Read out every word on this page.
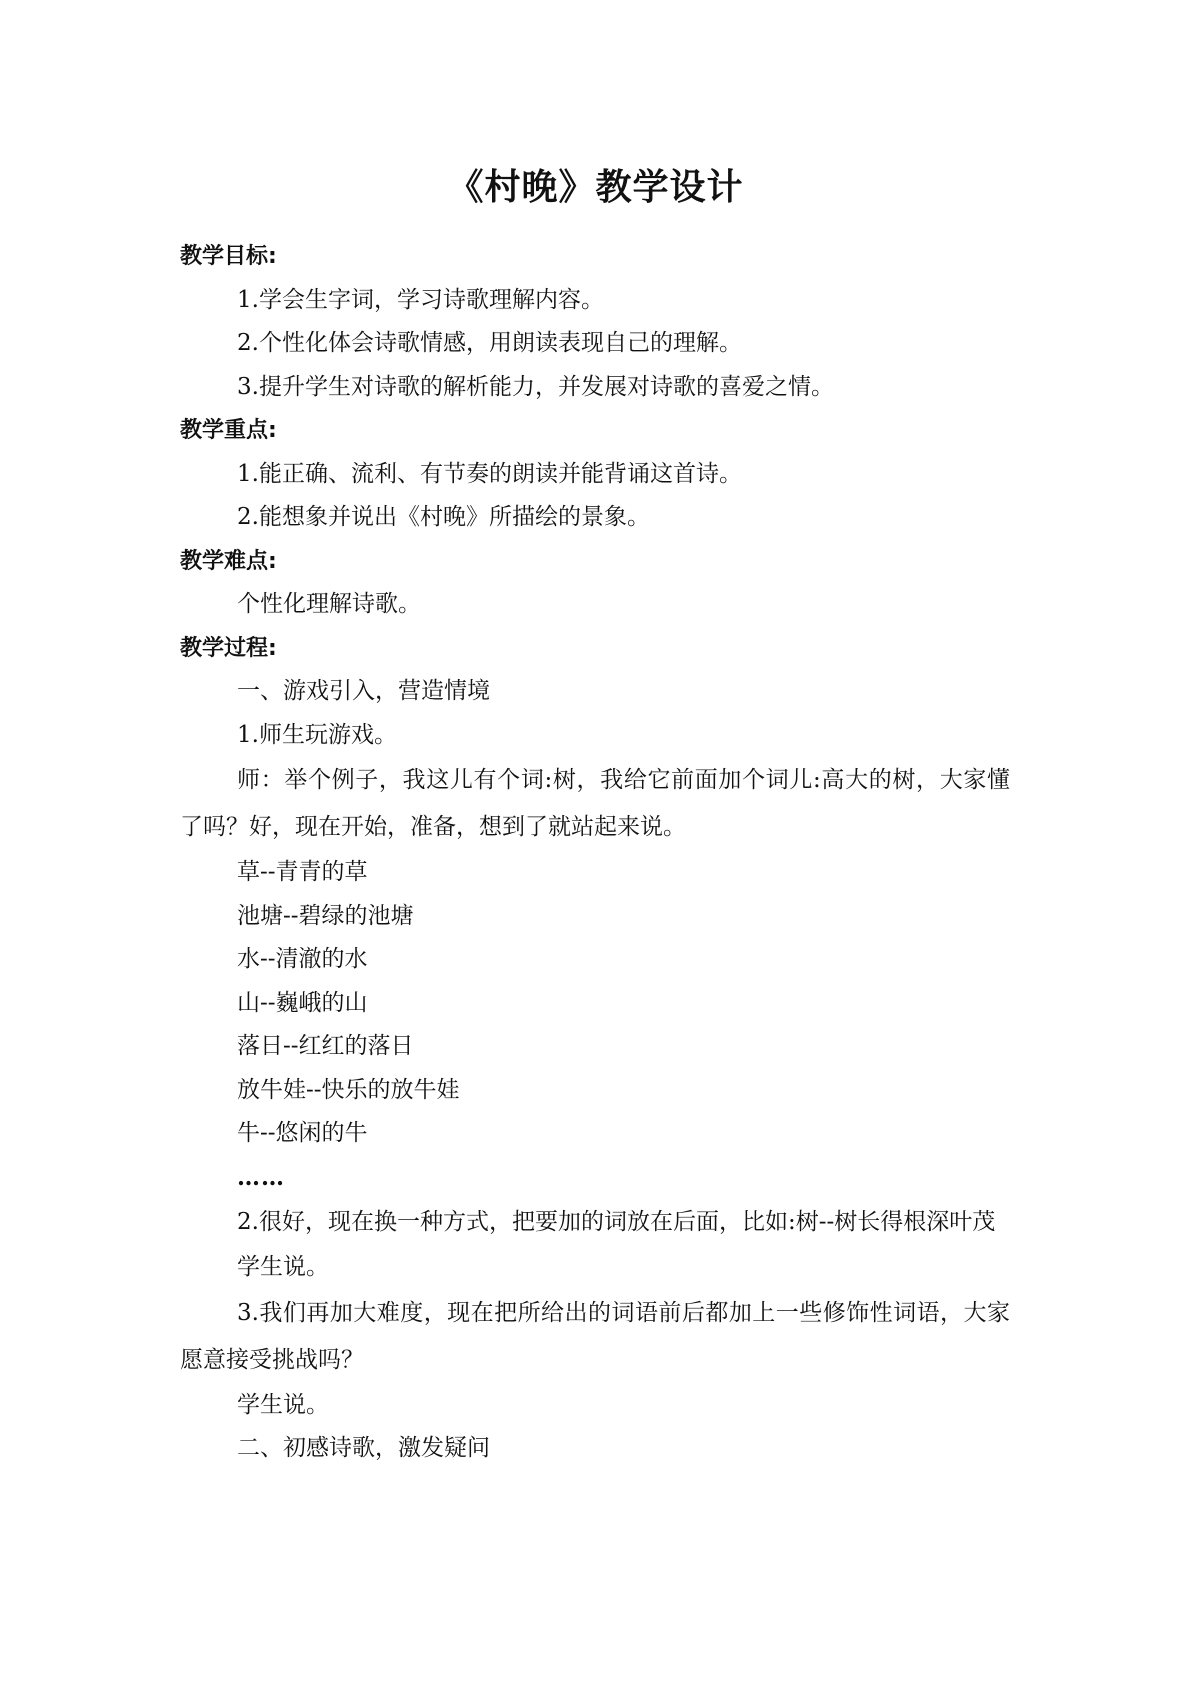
《村晚》教学设计

教学目标:

1.学会生字词，学习诗歌理解内容。

2.个性化体会诗歌情感，用朗读表现自己的理解。

3.提升学生对诗歌的解析能力，并发展对诗歌的喜爱之情。

教学重点:

1.能正确、流利、有节奏的朗读并能背诵这首诗。

2.能想象并说出《村晚》所描绘的景象。

教学难点:

个性化理解诗歌。

教学过程:

一、游戏引入，营造情境

1.师生玩游戏。

师：举个例子，我这儿有个词:树，我给它前面加个词儿:高大的树，大家懂了吗？好，现在开始，准备，想到了就站起来说。

草--青青的草

池塘--碧绿的池塘

水--清澈的水

山--巍峨的山

落日--红红的落日

放牛娃--快乐的放牛娃

牛--悠闲的牛

……

2.很好，现在换一种方式，把要加的词放在后面，比如:树--树长得根深叶茂

学生说。

3.我们再加大难度，现在把所给出的词语前后都加上一些修饰性词语，大家愿意接受挑战吗？

学生说。

二、初感诗歌，激发疑问
